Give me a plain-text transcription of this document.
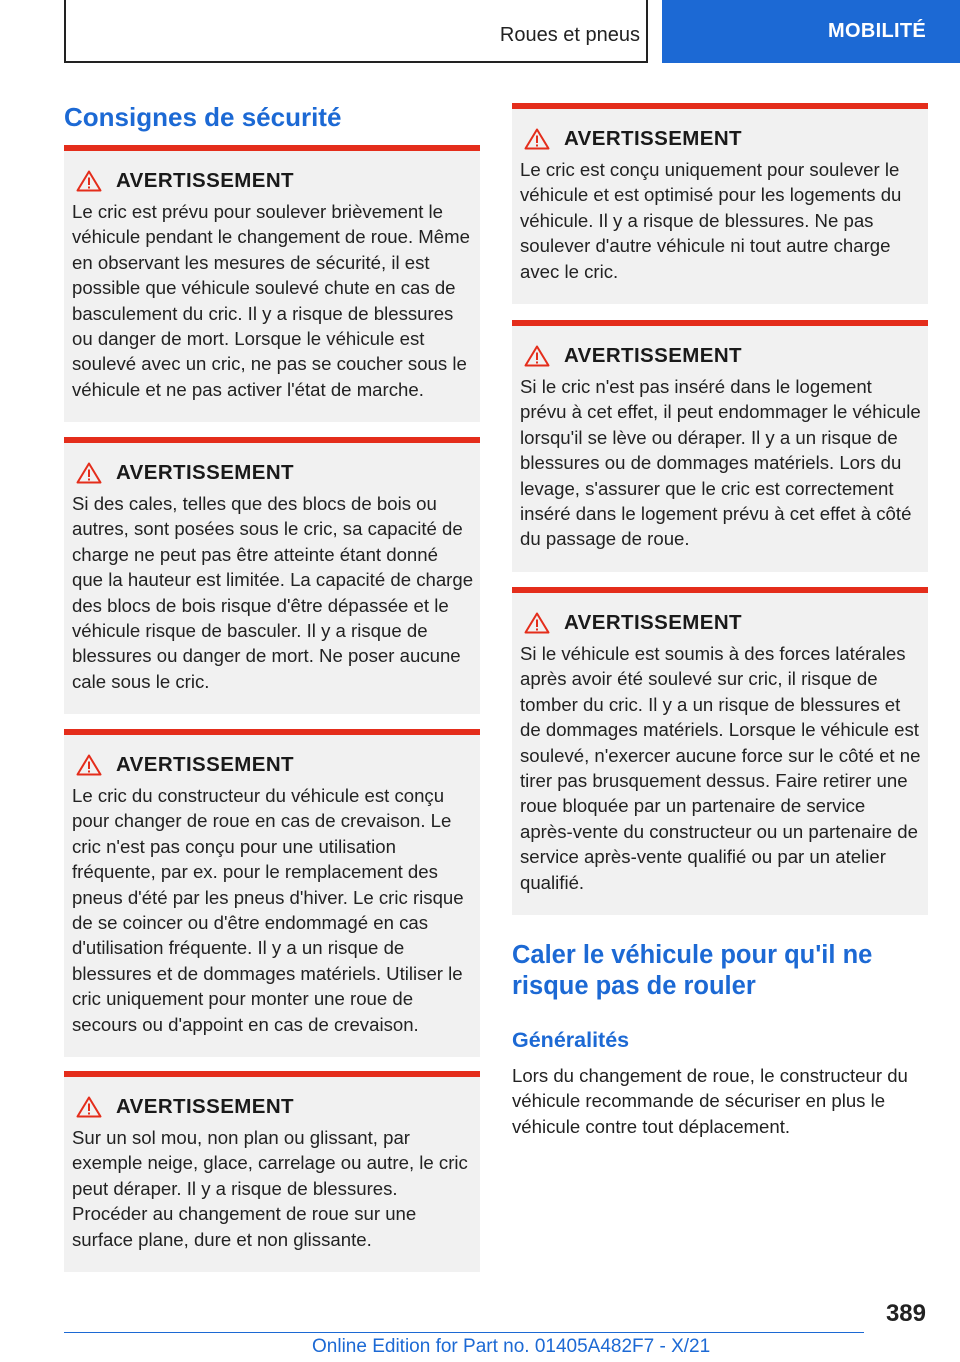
Roues et pneus	MOBILITÉ
Consignes de sécurité
AVERTISSEMENT
Le cric est prévu pour soulever brièvement le véhicule pendant le changement de roue. Même en observant les mesures de sécurité, il est possible que véhicule soulevé chute en cas de basculement du cric. Il y a risque de blessures ou danger de mort. Lorsque le véhicule est soulevé avec un cric, ne pas se coucher sous le véhicule et ne pas activer l'état de marche.
AVERTISSEMENT
Si des cales, telles que des blocs de bois ou autres, sont posées sous le cric, sa capacité de charge ne peut pas être atteinte étant donné que la hauteur est limitée. La capacité de charge des blocs de bois risque d'être dépassée et le véhicule risque de basculer. Il y a risque de blessures ou danger de mort. Ne poser aucune cale sous le cric.
AVERTISSEMENT
Le cric du constructeur du véhicule est conçu pour changer de roue en cas de crevaison. Le cric n'est pas conçu pour une utilisation fréquente, par ex. pour le remplacement des pneus d'été par les pneus d'hiver. Le cric risque de se coincer ou d'être endommagé en cas d'utilisation fréquente. Il y a un risque de blessures et de dommages matériels. Utiliser le cric uniquement pour monter une roue de secours ou d'appoint en cas de crevaison.
AVERTISSEMENT
Sur un sol mou, non plan ou glissant, par exemple neige, glace, carrelage ou autre, le cric peut déraper. Il y a risque de blessures. Procéder au changement de roue sur une surface plane, dure et non glissante.
AVERTISSEMENT
Le cric est conçu uniquement pour soulever le véhicule et est optimisé pour les logements du véhicule. Il y a risque de blessures. Ne pas soulever d'autre véhicule ni tout autre charge avec le cric.
AVERTISSEMENT
Si le cric n'est pas inséré dans le logement prévu à cet effet, il peut endommager le véhicule lorsqu'il se lève ou déraper. Il y a un risque de blessures ou de dommages matériels. Lors du levage, s'assurer que le cric est correctement inséré dans le logement prévu à cet effet à côté du passage de roue.
AVERTISSEMENT
Si le véhicule est soumis à des forces latérales après avoir été soulevé sur cric, il risque de tomber du cric. Il y a un risque de blessures et de dommages matériels. Lorsque le véhicule est soulevé, n'exercer aucune force sur le côté et ne tirer pas brusquement dessus. Faire retirer une roue bloquée par un partenaire de service après-vente du constructeur ou un partenaire de service après-vente qualifié ou par un atelier qualifié.
Caler le véhicule pour qu'il ne risque pas de rouler
Généralités

Lors du changement de roue, le constructeur du véhicule recommande de sécuriser en plus le véhicule contre tout déplacement.

389
Online Edition for Part no. 01405A482F7 - X/21
